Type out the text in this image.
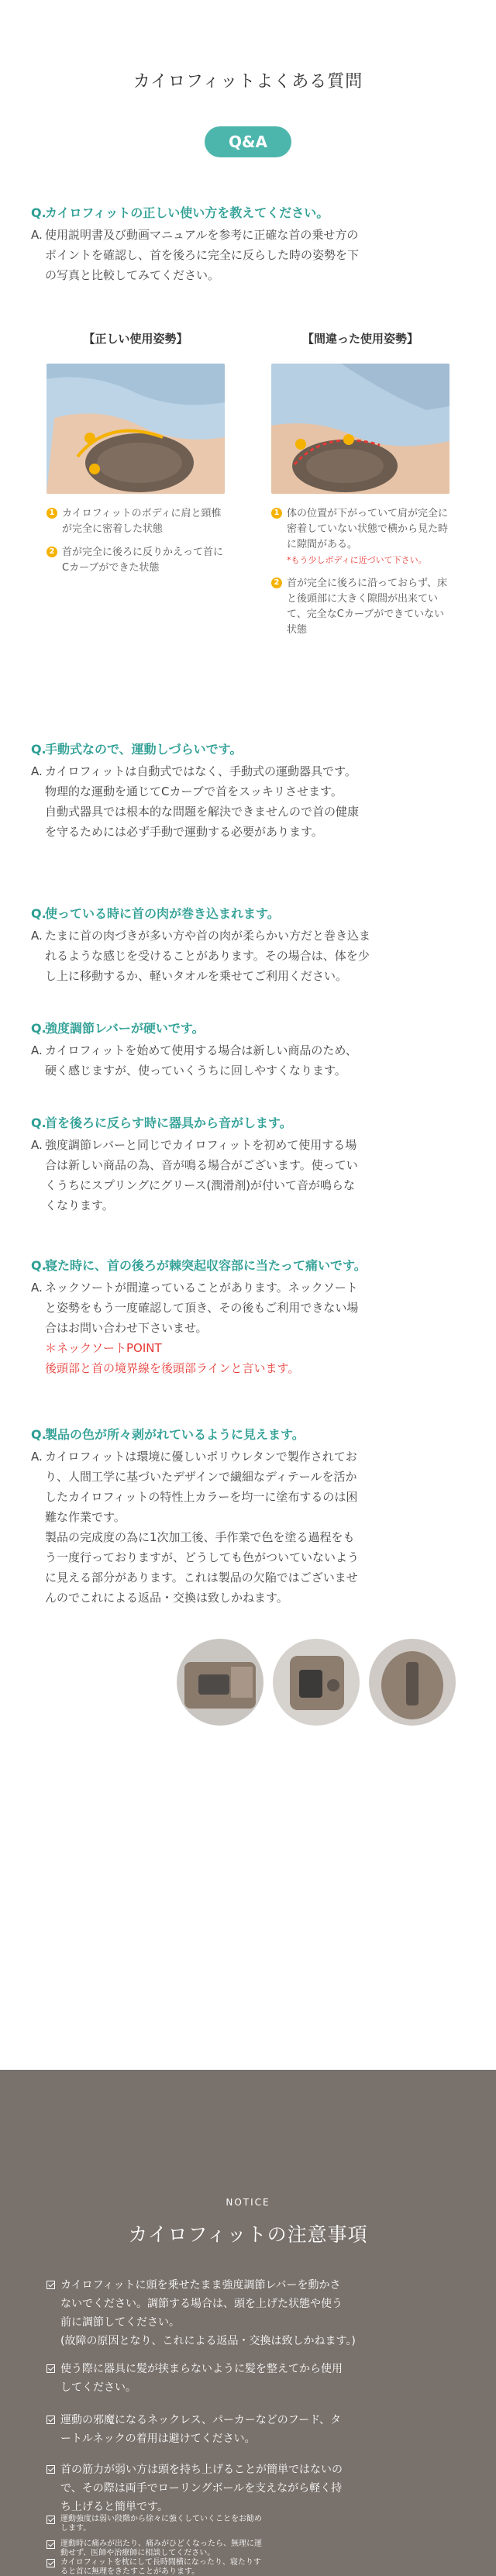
カイロフィットよくある質問
Q&A
Q.カイロフィットの正しい使い方を教えてください。
A. 使用説明書及び動画マニュアルを参考に正確な首の乗せ方の
ポイントを確認し、首を後ろに完全に反らした時の姿勢を下
の写真と比較してみてください。
【正しい使用姿勢】
1 カイロフィットのボディに肩と頸椎が完全に密着した状態
2 首が完全に後ろに反りかえって首にCカーブができた状態
【間違った使用姿勢】
1 体の位置が下がっていて肩が完全に密着していない状態で横から見た時に隙間がある。
*もう少しボディに近づいて下さい。
2 首が完全に後ろに沿っておらず、床と後頭部に大きく隙間が出来ていて、完全なCカーブができていない状態
Q.手動式なので、運動しづらいです。
A. カイロフィットは自動式ではなく、手動式の運動器具です。
物理的な運動を通じてCカーブで首をスッキリさせます。
自動式器具では根本的な問題を解決できませんので首の健康
を守るためには必ず手動で運動する必要があります。
Q.使っている時に首の肉が巻き込まれます。
A. たまに首の肉づきが多い方や首の肉が柔らかい方だと巻き込ま
れるような感じを受けることがあります。その場合は、体を少
し上に移動するか、軽いタオルを乗せてご利用ください。
Q.強度調節レバーが硬いです。
A. カイロフィットを始めて使用する場合は新しい商品のため、
硬く感じますが、使っていくうちに回しやすくなります。
Q.首を後ろに反らす時に器具から音がします。
A. 強度調節レバーと同じでカイロフィットを初めて使用する場
合は新しい商品の為、音が鳴る場合がございます。使ってい
くうちにスプリングにグリース(潤滑剤)が付いて音が鳴らな
くなります。
Q.寝た時に、首の後ろが棘突起収容部に当たって痛いです。
A. ネックソートが間違っていることがあります。ネックソート
と姿勢をもう一度確認して頂き、その後もご利用できない場
合はお問い合わせ下さいませ。
＊ネックソートPOINT
後頭部と首の境界線を後頭部ラインと言います。
Q.製品の色が所々剥がれているように見えます。
A. カイロフィットは環境に優しいポリウレタンで製作されてお
り、人間工学に基づいたデザインで繊細なディテールを活か
したカイロフィットの特性上カラーを均一に塗布するのは困
難な作業です。
製品の完成度の為に1次加工後、手作業で色を塗る過程をも
う一度行っておりますが、どうしても色がついていないよう
に見える部分があります。これは製品の欠陥ではございませ
んのでこれによる返品・交換は致しかねます。
NOTICE
カイロフィットの注意事項
カイロフィットに頭を乗せたまま強度調節レバーを動かさ
ないでください。調節する場合は、頭を上げた状態や使う
前に調節してください。
(故障の原因となり、これによる返品・交換は致しかねます。)
使う際に器具に髪が挟まらないように髪を整えてから使用
してください。
運動の邪魔になるネックレス、パーカーなどのフード、タ
ートルネックの着用は避けてください。
首の筋力が弱い方は頭を持ち上げることが簡単ではないの
で、その際は両手でローリングボールを支えながら軽く持
ち上げると簡単です。
運動強度は弱い段階から徐々に強くしていくことをお勧め
します。
運動時に痛みが出たり、痛みがひどくなったら、無理に運
動せず、医師や治療師に相談してください。
カイロフィットを枕にして長時間横になったり、寝たりす
ると首に無理をきたすことがあります。
